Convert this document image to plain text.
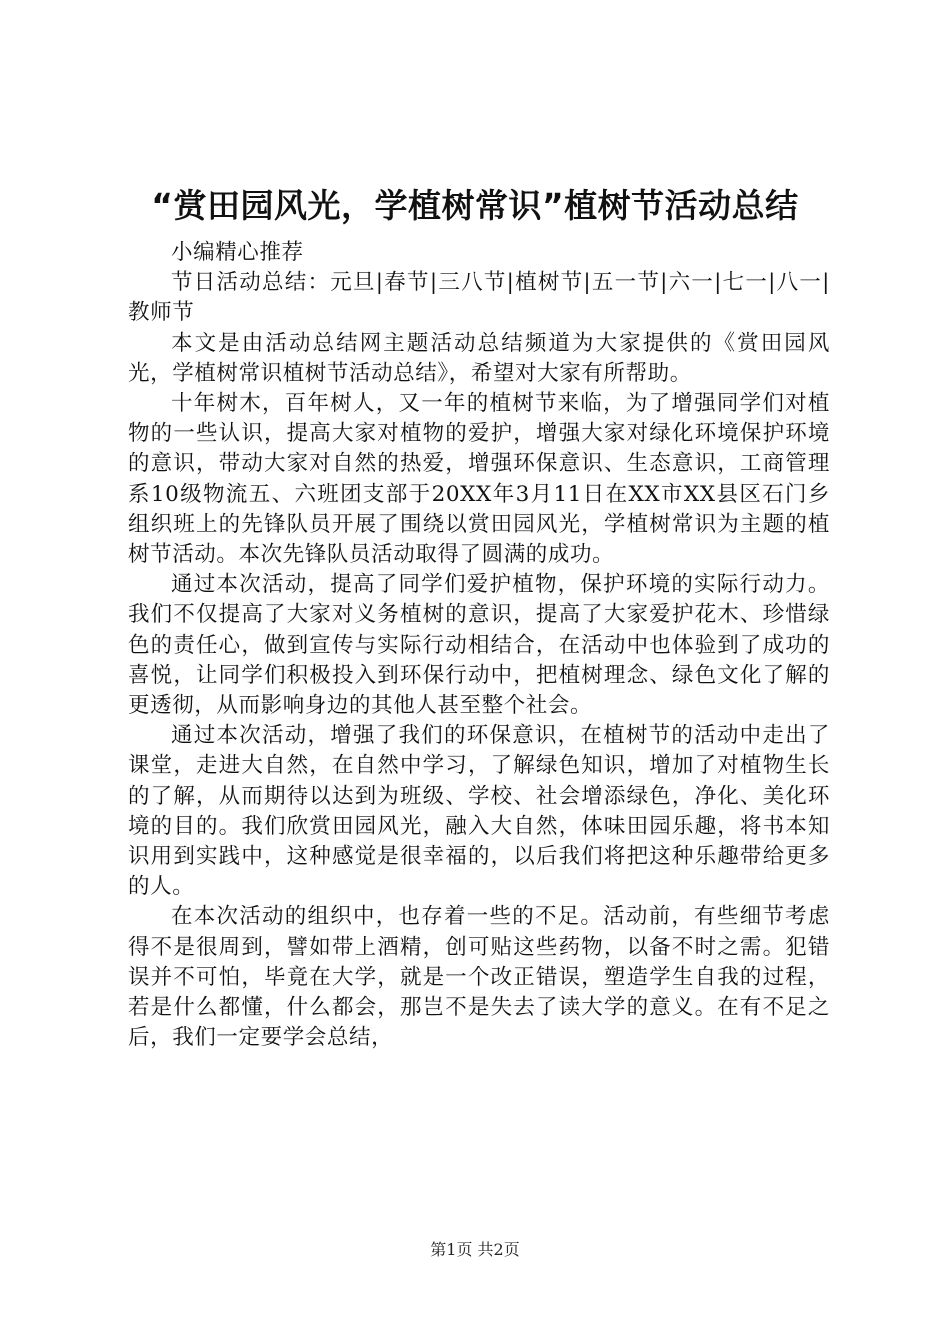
“赏田园风光，学植树常识”植树节活动总结

小编精心推荐

节日活动总结：元旦|春节|三八节|植树节|五一节|六一|七一|八一|教师节

本文是由活动总结网主题活动总结频道为大家提供的《赏田园风光，学植树常识植树节活动总结》，希望对大家有所帮助。

十年树木，百年树人，又一年的植树节来临，为了增强同学们对植物的一些认识，提高大家对植物的爱护，增强大家对绿化环境保护环境的意识，带动大家对自然的热爱，增强环保意识、生态意识，工商管理系10级物流五、六班团支部于20XX年3月11日在XX市XX县区石门乡组织班上的先锋队员开展了围绕以赏田园风光，学植树常识为主题的植树节活动。本次先锋队员活动取得了圆满的成功。

通过本次活动，提高了同学们爱护植物，保护环境的实际行动力。我们不仅提高了大家对义务植树的意识，提高了大家爱护花木、珍惜绿色的责任心，做到宣传与实际行动相结合，在活动中也体验到了成功的喜悦，让同学们积极投入到环保行动中，把植树理念、绿色文化了解的更透彻，从而影响身边的其他人甚至整个社会。

通过本次活动，增强了我们的环保意识，在植树节的活动中走出了课堂，走进大自然，在自然中学习，了解绿色知识，增加了对植物生长的了解，从而期待以达到为班级、学校、社会增添绿色，净化、美化环境的目的。我们欣赏田园风光，融入大自然，体味田园乐趣，将书本知识用到实践中，这种感觉是很幸福的，以后我们将把这种乐趣带给更多的人。

在本次活动的组织中，也存着一些的不足。活动前，有些细节考虑得不是很周到，譬如带上酒精，创可贴这些药物，以备不时之需。犯错误并不可怕，毕竟在大学，就是一个改正错误，塑造学生自我的过程，若是什么都懂，什么都会，那岂不是失去了读大学的意义。在有不足之后，我们一定要学会总结，

第1页 共2页
